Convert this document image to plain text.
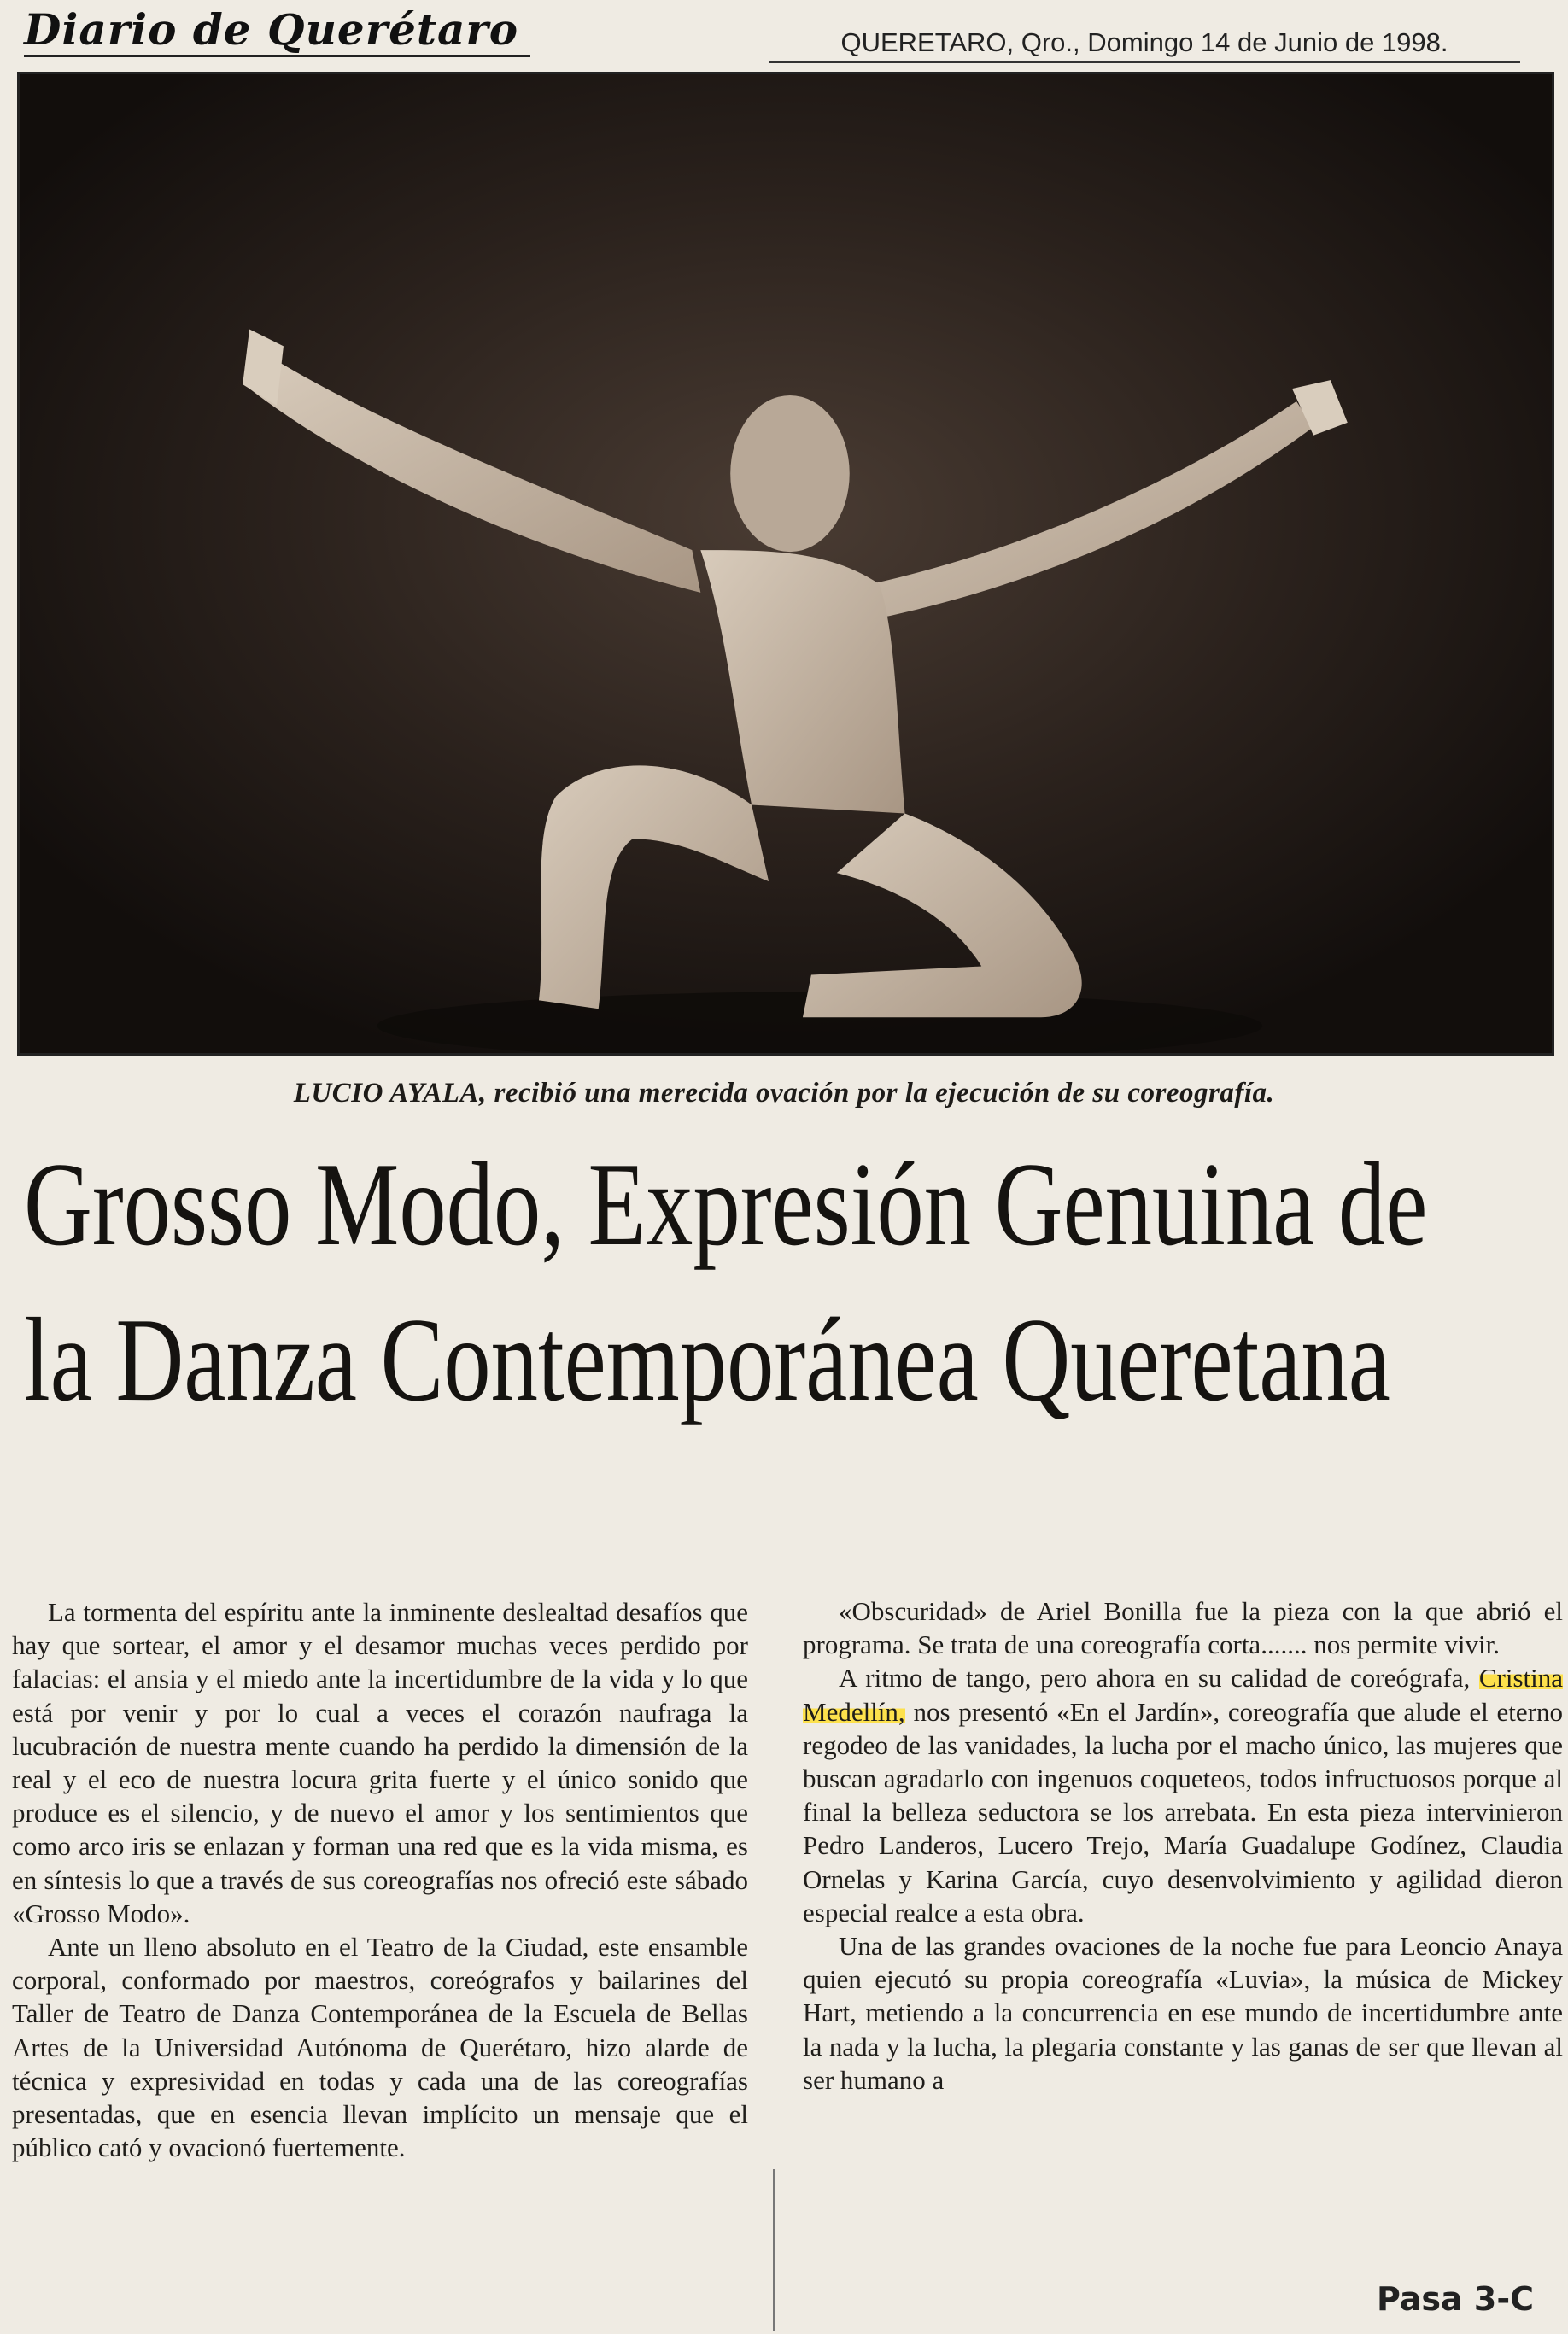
Diario de Querétaro	QUERETARO, Qro., Domingo 14 de Junio de 1998.
LUCIO AYALA, recibió una merecida ovación por la ejecución de su coreografía.
Grosso Modo, Expresión Genuina de
la Danza Contemporánea Queretana

La tormenta del espíritu ante la inminente deslealtad desafíos que hay que sortear, el amor y el desamor muchas veces perdido por falacias: el ansia y el miedo ante la incertidumbre de la vida y lo que está por venir y por lo cual a veces el corazón naufraga la lucubración de nuestra mente cuando ha perdido la dimensión de la real y el eco de nuestra locura grita fuerte y el único sonido que produce es el silencio, y de nuevo el amor y los sentimientos que como arco iris se enlazan y forman una red que es la vida misma, es en síntesis lo que a través de sus coreografías nos ofreció este sábado «Grosso Modo».

Ante un lleno absoluto en el Teatro de la Ciudad, este ensamble corporal, conformado por maestros, coreógrafos y bailarines del Taller de Teatro de Danza Contemporánea de la Escuela de Bellas Artes de la Universidad Autónoma de Querétaro, hizo alarde de técnica y expresividad en todas y cada una de las coreografías presentadas, que en esencia llevan implícito un mensaje que el público cató y ovacionó fuertemente.

«Obscuridad» de Ariel Bonilla fue la pieza con la que abrió el programa. Se trata de una coreografía corta....... nos permite vivir.

A ritmo de tango, pero ahora en su calidad de coreógrafa, Cristina Medellín, nos presentó «En el Jardín», coreografía que alude el eterno regodeo de las vanidades, la lucha por el macho único, las mujeres que buscan agradarlo con ingenuos coqueteos, todos infructuosos porque al final la belleza seductora se los arrebata. En esta pieza intervinieron Pedro Landeros, Lucero Trejo, María Guadalupe Godínez, Claudia Ornelas y Karina García, cuyo desenvolvimiento y agilidad dieron especial realce a esta obra.

Una de las grandes ovaciones de la noche fue para Leoncio Anaya quien ejecutó su propia coreografía «Luvia», la música de Mickey Hart, metiendo a la concurrencia en ese mundo de incertidumbre ante la nada y la lucha, la plegaria constante y las ganas de ser que llevan al ser humano a

Pasa 3-C
